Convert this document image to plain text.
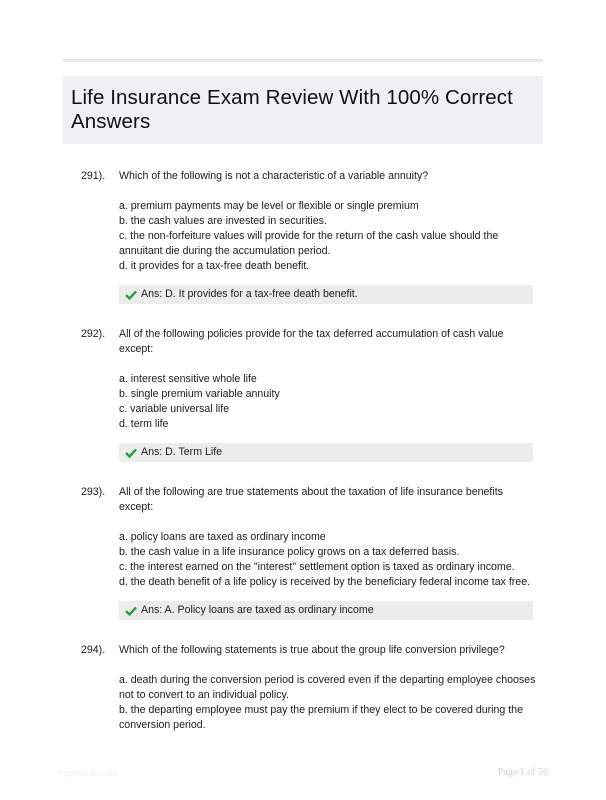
Life Insurance Exam Review With 100% Correct Answers
291). Which of the following is not a characteristic of a variable annuity?
a. premium payments may be level or flexible or single premium
b. the cash values are invested in securities.
c. the non-forfeiture values will provide for the return of the cash value should the annuitant die during the accumulation period.
d. it provides for a tax-free death benefit.
Ans: D. It provides for a tax-free death benefit.
292). All of the following policies provide for the tax deferred accumulation of cash value except:
a. interest sensitive whole life
b. single premium variable annuity
c. variable universal life
d. term life
Ans: D. Term Life
293). All of the following are true statements about the taxation of life insurance benefits except:
a. policy loans are taxed as ordinary income
b. the cash value in a life insurance policy grows on a tax deferred basis.
c. the interest earned on the "interest" settlement option is taxed as ordinary income.
d. the death benefit of a life policy is received by the beneficiary federal income tax free.
Ans: A. Policy loans are taxed as ordinary income
294). Which of the following statements is true about the group life conversion privilege?
a. death during the conversion period is covered even if the departing employee chooses not to convert to an individual policy.
b. the departing employee must pay the premium if they elect to be covered during the conversion period.
Papertible.com	Page 1 of 50
